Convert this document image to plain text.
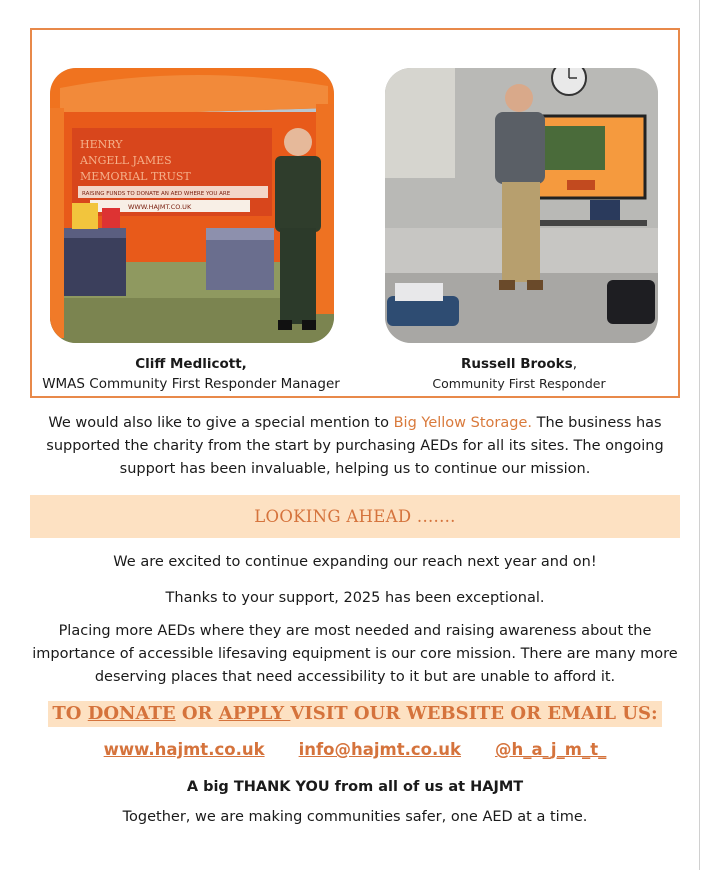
HENRY
ANGELL JAMES
MEMORIAL TRUST
RAISING FUNDS TO DONATE AN AED WHERE YOU ARE
WWW.HAJMT.CO.UK
Cliff Medlicott,
WMAS Community First Responder Manager
Russell Brooks,
Community First Responder

We would also like to give a special mention to Big Yellow Storage. The business has supported the charity from the start by purchasing AEDs for all its sites. The ongoing support has been invaluable, helping us to continue our mission.

LOOKING AHEAD .......

We are excited to continue expanding our reach next year and on!

Thanks to your support, 2025 has been exceptional.

Placing more AEDs where they are most needed and raising awareness about the importance of accessible lifesaving equipment is our core mission. There are many more deserving places that need accessibility to it but are unable to afford it.

TO DONATE OR APPLY VISIT OUR WEBSITE OR EMAIL US:
www.hajmt.co.uk info@hajmt.co.uk @h_a_j_m_t_

A big THANK YOU from all of us at HAJMT

Together, we are making communities safer, one AED at a time.
